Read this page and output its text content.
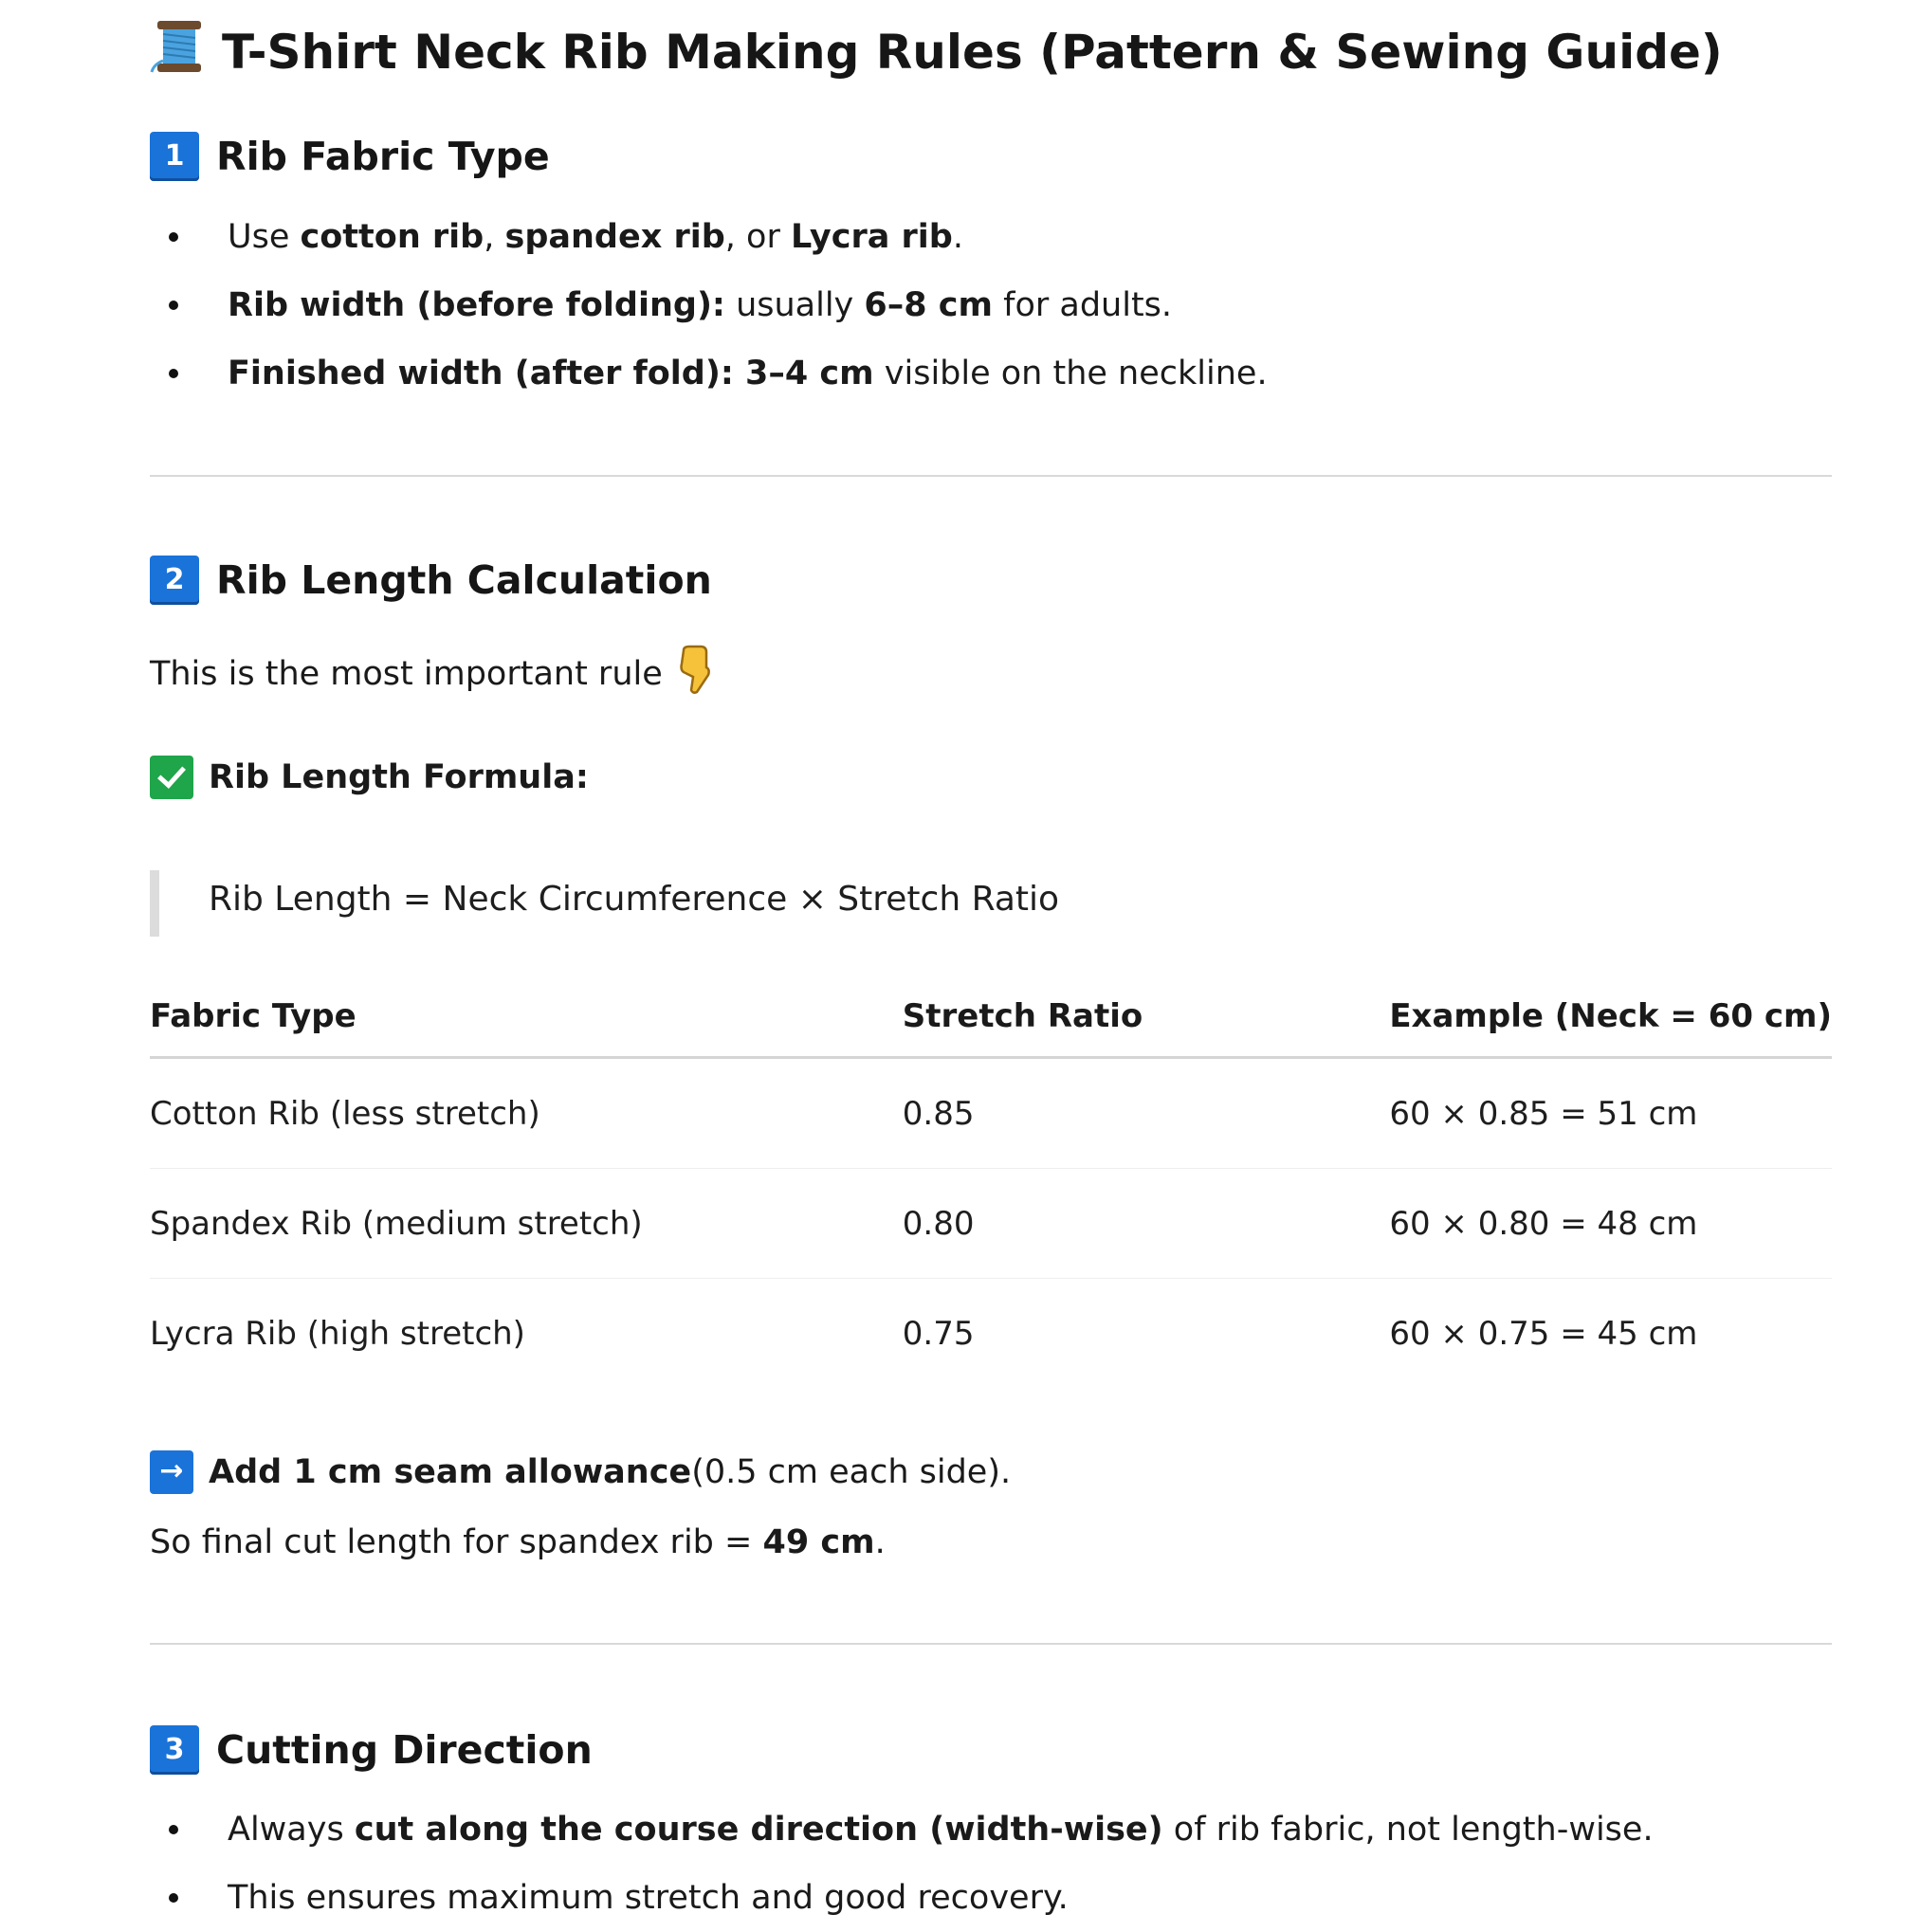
T-Shirt Neck Rib Making Rules (Pattern & Sewing Guide)
1 Rib Fabric Type
Use cotton rib, spandex rib, or Lycra rib.
Rib width (before folding): usually 6–8 cm for adults.
Finished width (after fold): 3–4 cm visible on the neckline.
2 Rib Length Calculation

This is the most important rule

Rib Length Formula:

Rib Length = Neck Circumference × Stretch Ratio
Fabric Type	Stretch Ratio	Example (Neck = 60 cm)
Cotton Rib (less stretch)	0.85	60 × 0.85 = 51 cm
Spandex Rib (medium stretch)	0.80	60 × 0.80 = 48 cm
Lycra Rib (high stretch)	0.75	60 × 0.75 = 45 cm

→ Add 1 cm seam allowance (0.5 cm each side).

So final cut length for spandex rib = 49 cm.

3 Cutting Direction
Always cut along the course direction (width-wise) of rib fabric, not length-wise.
This ensures maximum stretch and good recovery.
